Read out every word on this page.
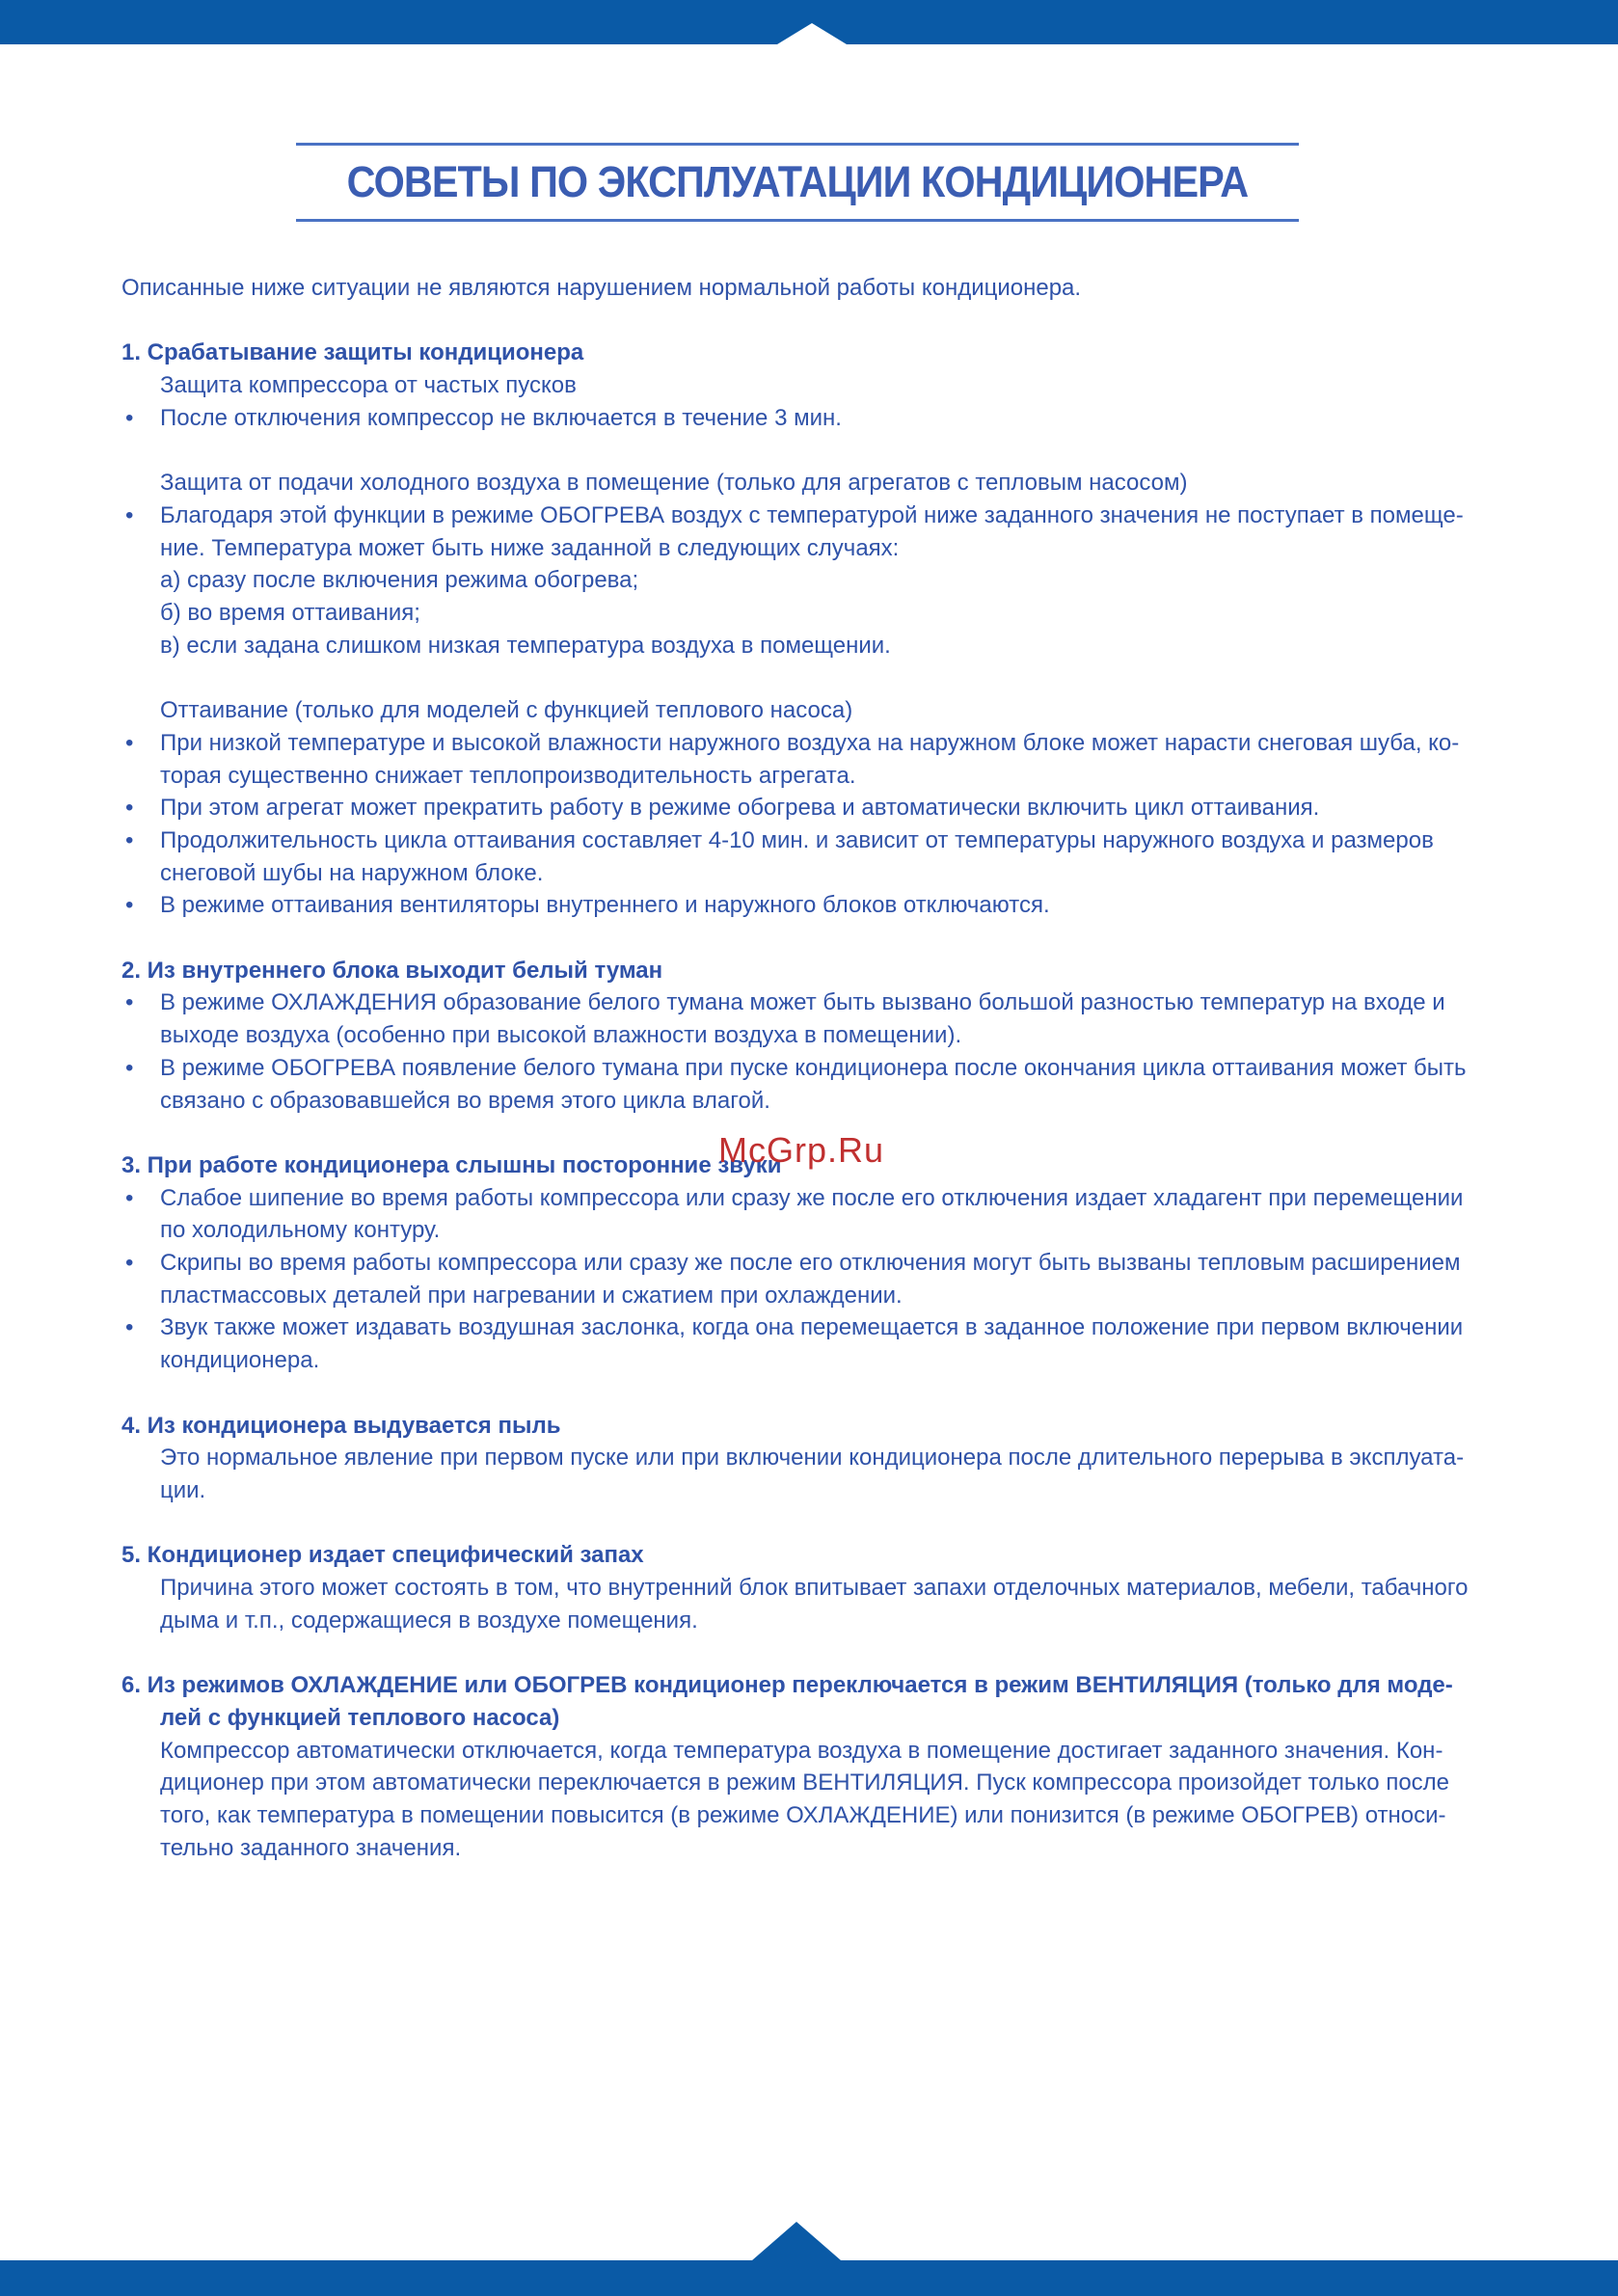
СОВЕТЫ ПО ЭКСПЛУАТАЦИИ КОНДИЦИОНЕРА
Описанные ниже ситуации не являются нарушением нормальной работы кондиционера.
1. Срабатывание защиты кондиционера
Защита компрессора от частых пусков
• После отключения компрессор не включается в течение 3 мин.
Защита от подачи холодного воздуха в помещение (только для агрегатов с тепловым насосом)
• Благодаря этой функции в режиме ОБОГРЕВА воздух с температурой ниже заданного значения не поступает в помеще-
ние. Температура может быть ниже заданной в следующих случаях:
а) сразу после включения режима обогрева;
б) во время оттаивания;
в) если задана слишком низкая температура воздуха в помещении.
Оттаивание (только для моделей с функцией теплового насоса)
• При низкой температуре и высокой влажности наружного воздуха на наружном блоке может нарасти снеговая шуба, ко-
торая существенно снижает теплопроизводительность агрегата.
• При этом агрегат может прекратить работу в режиме обогрева и автоматически включить цикл оттаивания.
• Продолжительность цикла оттаивания составляет 4-10 мин. и зависит от температуры наружного воздуха и размеров
снеговой шубы на наружном блоке.
• В режиме оттаивания вентиляторы внутреннего и наружного блоков отключаются.
2. Из внутреннего блока выходит белый туман
• В режиме ОХЛАЖДЕНИЯ образование белого тумана может быть вызвано большой разностью температур на входе и
выходе воздуха (особенно при высокой влажности воздуха в помещении).
• В режиме ОБОГРЕВА появление белого тумана при пуске кондиционера после окончания цикла оттаивания может быть
связано с образовавшейся во время этого цикла влагой.
3. При работе кондиционера слышны посторонние звуки
• Слабое шипение во время работы компрессора или сразу же после его отключения издает хладагент при перемещении
по холодильному контуру.
• Скрипы во время работы компрессора или сразу же после его отключения могут быть вызваны тепловым расширением
пластмассовых деталей при нагревании и сжатием при охлаждении.
• Звук также может издавать воздушная заслонка, когда она перемещается в заданное положение при первом включении
кондиционера.
4. Из кондиционера выдувается пыль
Это нормальное явление при первом пуске или при включении кондиционера после длительного перерыва в эксплуата-
ции.
5. Кондиционер издает специфический запах
Причина этого может состоять в том, что внутренний блок впитывает запахи отделочных материалов, мебели, табачного
дыма и т.п., содержащиеся в воздухе помещения.
6. Из режимов ОХЛАЖДЕНИЕ или ОБОГРЕВ кондиционер переключается в режим ВЕНТИЛЯЦИЯ (только для моде-
лей с функцией теплового насоса)
Компрессор автоматически отключается, когда температура воздуха в помещение достигает заданного значения. Кон-
диционер при этом автоматически переключается в режим ВЕНТИЛЯЦИЯ. Пуск компрессора произойдет только после
того, как температура в помещении повысится (в режиме ОХЛАЖДЕНИЕ) или понизится (в режиме ОБОГРЕВ) относи-
тельно заданного значения.
McGrp.Ru
